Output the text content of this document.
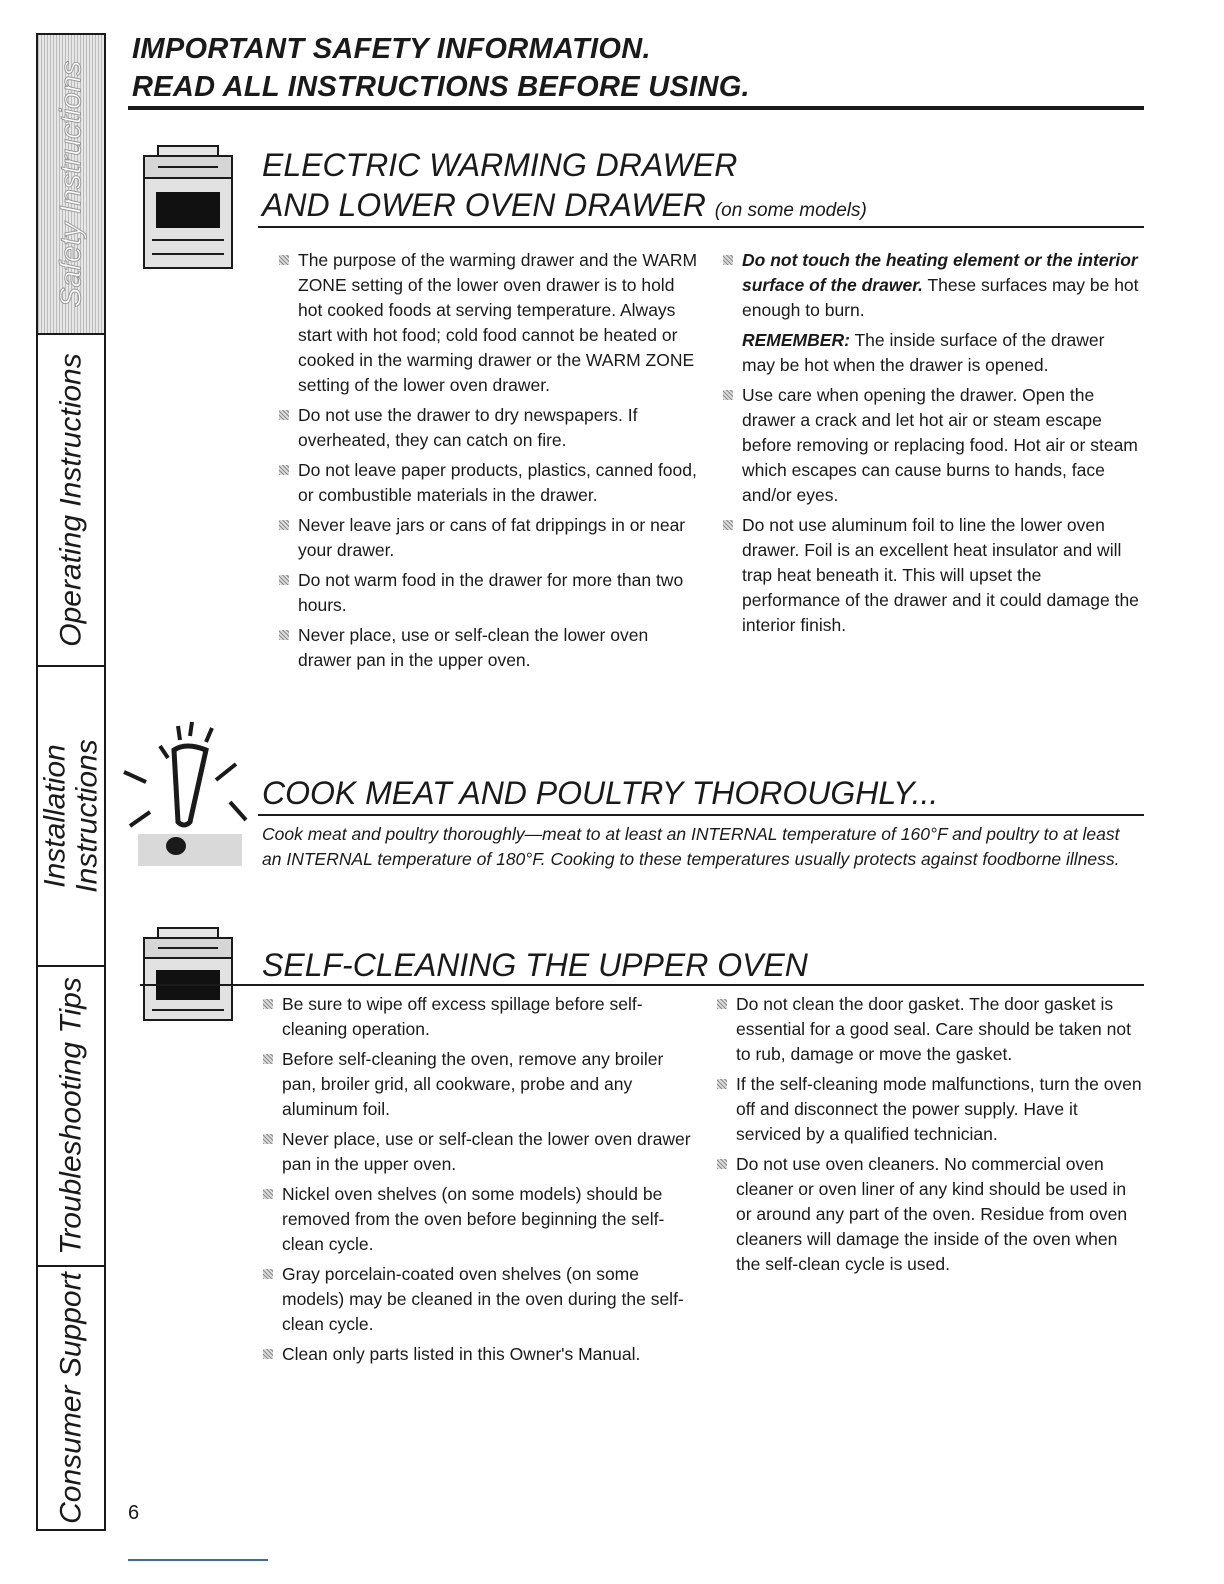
Safety Instructions
Operating Instructions
Installation Instructions
Troubleshooting Tips
Consumer Support
IMPORTANT SAFETY INFORMATION.
READ ALL INSTRUCTIONS BEFORE USING.
ELECTRIC WARMING DRAWER
AND LOWER OVEN DRAWER (on some models)
The purpose of the warming drawer and the WARM ZONE setting of the lower oven drawer is to hold hot cooked foods at serving temperature. Always start with hot food; cold food cannot be heated or cooked in the warming drawer or the WARM ZONE setting of the lower oven drawer.
Do not use the drawer to dry newspapers. If overheated, they can catch on fire.
Do not leave paper products, plastics, canned food, or combustible materials in the drawer.
Never leave jars or cans of fat drippings in or near your drawer.
Do not warm food in the drawer for more than two hours.
Never place, use or self-clean the lower oven drawer pan in the upper oven.
Do not touch the heating element or the interior surface of the drawer. These surfaces may be hot enough to burn.
REMEMBER: The inside surface of the drawer may be hot when the drawer is opened.
Use care when opening the drawer. Open the drawer a crack and let hot air or steam escape before removing or replacing food. Hot air or steam which escapes can cause burns to hands, face and/or eyes.
Do not use aluminum foil to line the lower oven drawer. Foil is an excellent heat insulator and will trap heat beneath it. This will upset the performance of the drawer and it could damage the interior finish.
COOK MEAT AND POULTRY THOROUGHLY...

Cook meat and poultry thoroughly—meat to at least an INTERNAL temperature of 160°F and poultry to at least an INTERNAL temperature of 180°F. Cooking to these temperatures usually protects against foodborne illness.

SELF-CLEANING THE UPPER OVEN
Be sure to wipe off excess spillage before self-cleaning operation.
Before self-cleaning the oven, remove any broiler pan, broiler grid, all cookware, probe and any aluminum foil.
Never place, use or self-clean the lower oven drawer pan in the upper oven.
Nickel oven shelves (on some models) should be removed from the oven before beginning the self-clean cycle.
Gray porcelain-coated oven shelves (on some models) may be cleaned in the oven during the self-clean cycle.
Clean only parts listed in this Owner's Manual.
Do not clean the door gasket. The door gasket is essential for a good seal. Care should be taken not to rub, damage or move the gasket.
If the self-cleaning mode malfunctions, turn the oven off and disconnect the power supply. Have it serviced by a qualified technician.
Do not use oven cleaners. No commercial oven cleaner or oven liner of any kind should be used in or around any part of the oven. Residue from oven cleaners will damage the inside of the oven when the self-clean cycle is used.
6
